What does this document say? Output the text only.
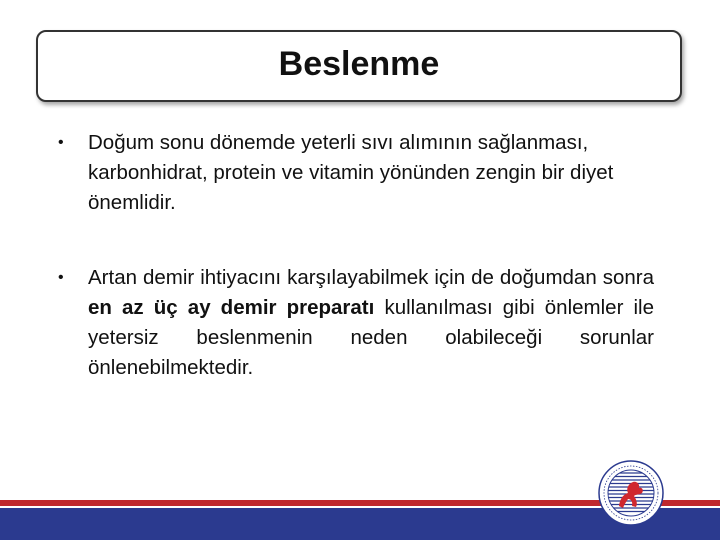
Beslenme
•	Doğum sonu dönemde yeterli sıvı alımının sağlanması, karbonhidrat, protein ve vitamin yönünden zengin bir diyet önemlidir.
•	Artan demir ihtiyacını karşılayabilmek için de doğumdan sonra en az üç ay demir preparatı kullanılması gibi önlemler ile yetersiz beslenmenin neden olabileceği sorunlar önlenebilmektedir.
